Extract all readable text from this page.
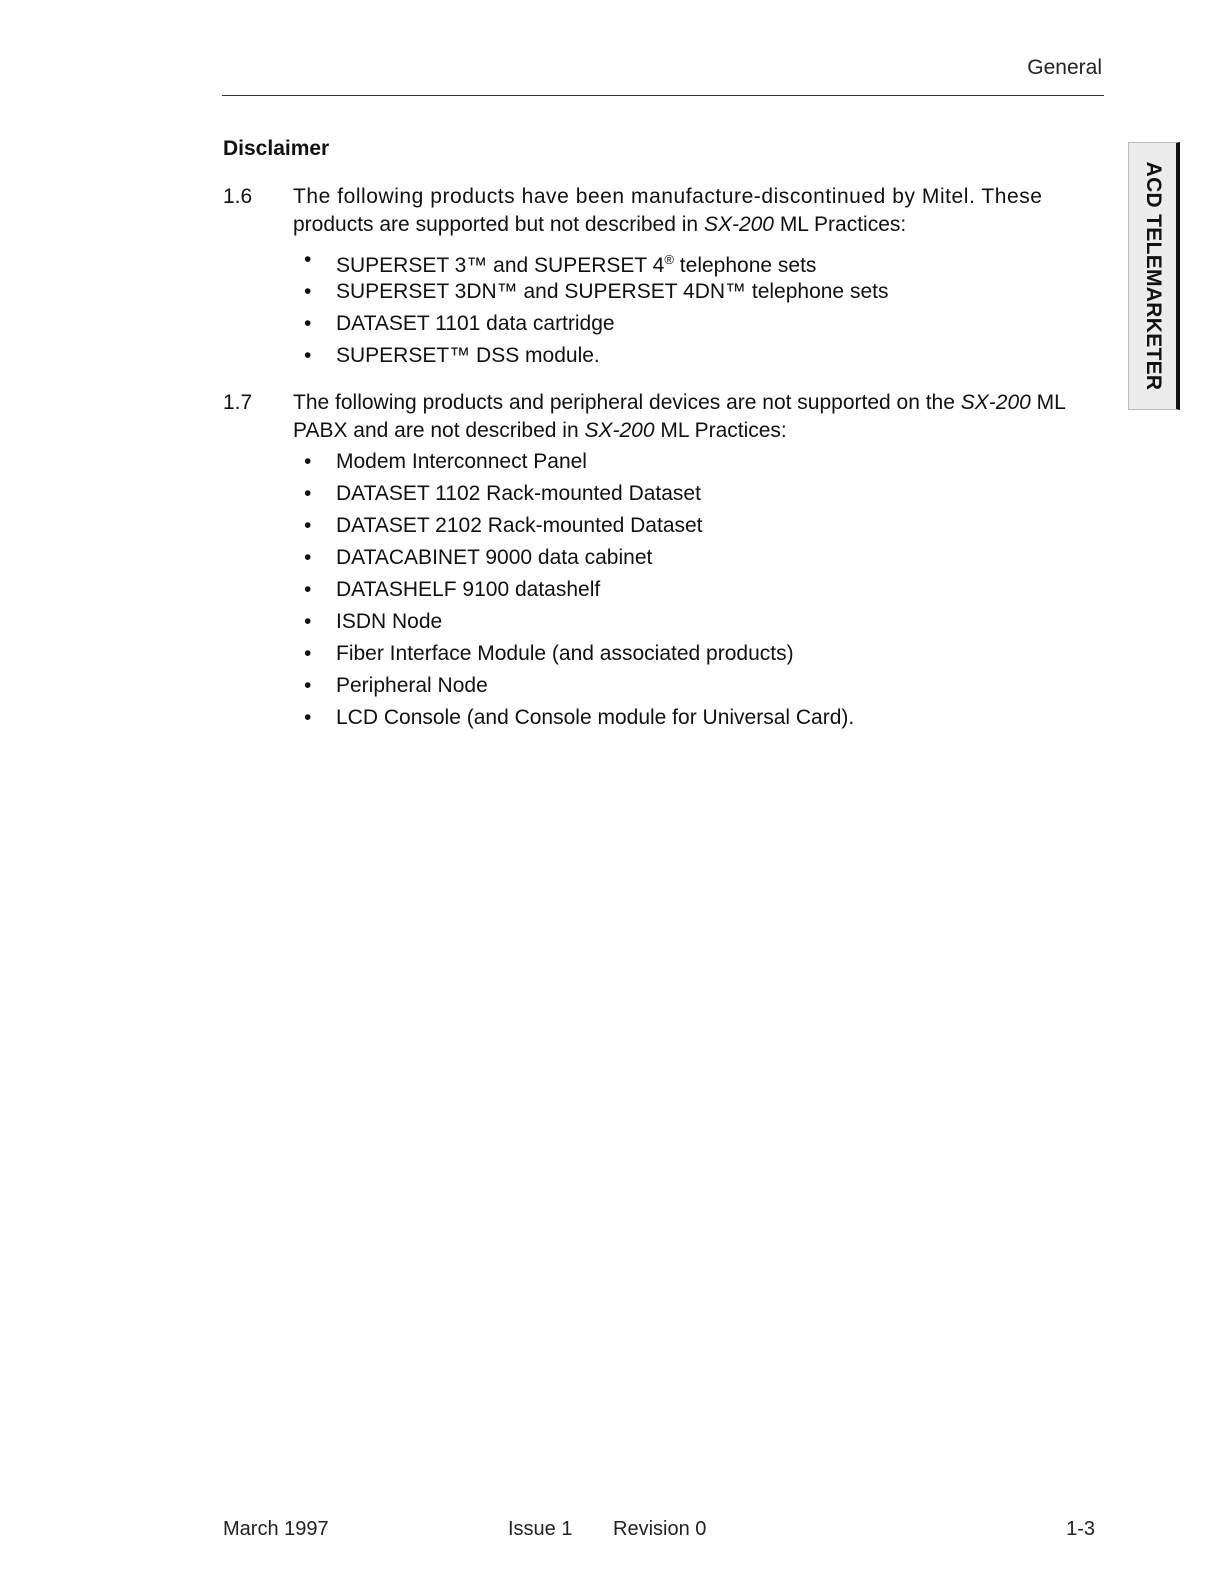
General
ACD TELEMARKETER
Disclaimer
1.6 The following products have been manufacture-discontinued by Mitel. These
products are supported but not described in SX-200 ML Practices:
• SUPERSET 3™ and SUPERSET 4® telephone sets
• SUPERSET 3DN™ and SUPERSET 4DN™ telephone sets
• DATASET 1101 data cartridge
• SUPERSET™ DSS module.
1.7 The following products and peripheral devices are not supported on the SX-200 ML
PABX and are not described in SX-200 ML Practices:
• Modem Interconnect Panel
• DATASET 1102 Rack-mounted Dataset
• DATASET 2102 Rack-mounted Dataset
• DATACABINET 9000 data cabinet
• DATASHELF 9100 datashelf
• ISDN Node
• Fiber Interface Module (and associated products)
• Peripheral Node
• LCD Console (and Console module for Universal Card).
March 1997	Issue 1 Revision 0	1-3
